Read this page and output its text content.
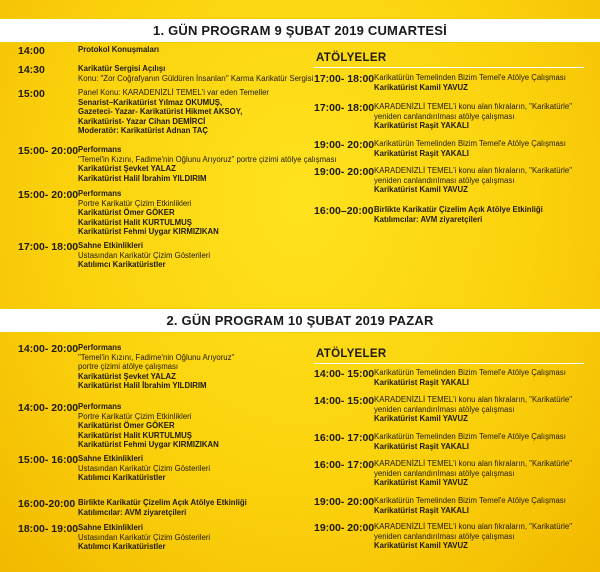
1. GÜN PROGRAM 9 ŞUBAT 2019 CUMARTESİ
14:00	Protokol Konuşmaları
14:30	Karikatür Sergisi Açılışı
Konu: "Zor Coğrafyanın Güldüren İnsanları" Karma Karikatür Sergisi
15:00	Panel Konu: KARADENİZLİ TEMEL'i var eden Temeller
Senarist–Karikatürist Yılmaz OKUMUŞ,
Gazeteci- Yazar- Karikatürist Hikmet AKSOY,
Karikatürist- Yazar Cihan DEMİRCİ
Moderatör: Karikatürist Adnan TAÇ
15:00- 20:00 Performans
"Temel'in Kızını, Fadime'nin Oğlunu Arıyoruz" portre çizimi atölye çalışması
Karikatürist Şevket YALAZ
Karikatürist Halil İbrahim YILDIRIM
15:00- 20:00 Performans
Portre Karikatür Çizim Etkinlikleri
Karikatürist Ömer GÖKER
Karikatürist Halit KURTULMUŞ
Karikatürist Fehmi Uygar KIRMIZIKAN
17:00- 18:00 Sahne Etkinlikleri
Ustasından Karikatür Çizim Gösterileri
Katılımcı Karikatüristler
ATÖLYELER
17:00- 18:00 Karikatürün Temelinden Bizim Temel'e Atölye Çalışması
Karikatürist Kamil YAVUZ
17:00- 18:00 KARADENİZLİ TEMEL'i konu alan fıkraların, "Karikatürle"
yeniden canlandırılması atölye çalışması
Karikatürist Raşit YAKALI
19:00- 20:00 Karikatürün Temelinden Bizim Temel'e Atölye Çalışması
Karikatürist Raşit YAKALI
19:00- 20:00 KARADENİZLİ TEMEL'i konu alan fıkraların, "Karikatürle"
yeniden canlandırılması atölye çalışması
Karikatürist Kamil YAVUZ
16:00–20:00 Birlikte Karikatür Çizelim Açık Atölye Etkinliği
Katılımcılar: AVM ziyaretçileri
2. GÜN PROGRAM 10 ŞUBAT 2019 PAZAR
14:00- 20:00 Performans
"Temel'in Kızını, Fadime'nin Oğlunu Arıyoruz"
portre çizimi atölye çalışması
Karikatürist Şevket YALAZ
Karikatürist Halil İbrahim YILDIRIM
14:00- 20:00 Performans
Portre Karikatür Çizim Etkinlikleri
Karikatürist Ömer GÖKER
Karikatürist Halit KURTULMUŞ
Karikatürist Fehmi Uygar KIRMIZIKAN
15:00- 16:00 Sahne Etkinlikleri
Ustasından Karikatür Çizim Gösterileri
Katılımcı Karikatüristler
16:00-20:00 Birlikte Karikatür Çizelim Açık Atölye Etkinliği
Katılımcılar: AVM ziyaretçileri
18:00- 19:00 Sahne Etkinlikleri
Ustasından Karikatür Çizim Gösterileri
Katılımcı Karikatüristler
ATÖLYELER
14:00- 15:00 Karikatürün Temelinden Bizim Temel'e Atölye Çalışması
Karikatürist Raşit YAKALI
14:00- 15:00 KARADENİZLİ TEMEL'i konu alan fıkraların, "Karikatürle"
yeniden canlandırılması atölye çalışması
Karikatürist Kamil YAVUZ
16:00- 17:00 Karikatürün Temelinden Bizim Temel'e Atölye Çalışması
Karikatürist Raşit YAKALI
16:00- 17:00 KARADENİZLİ TEMEL'i konu alan fıkraların, "Karikatürle"
yeniden canlandırılması atölye çalışması
Karikatürist Kamil YAVUZ
19:00- 20:00 Karikatürün Temelinden Bizim Temel'e Atölye Çalışması
Karikatürist Raşit YAKALI
19:00- 20:00 KARADENİZLİ TEMEL'i konu alan fıkraların, "Karikatürle"
yeniden canlandırılması atölye çalışması
Karikatürist Kamil YAVUZ
